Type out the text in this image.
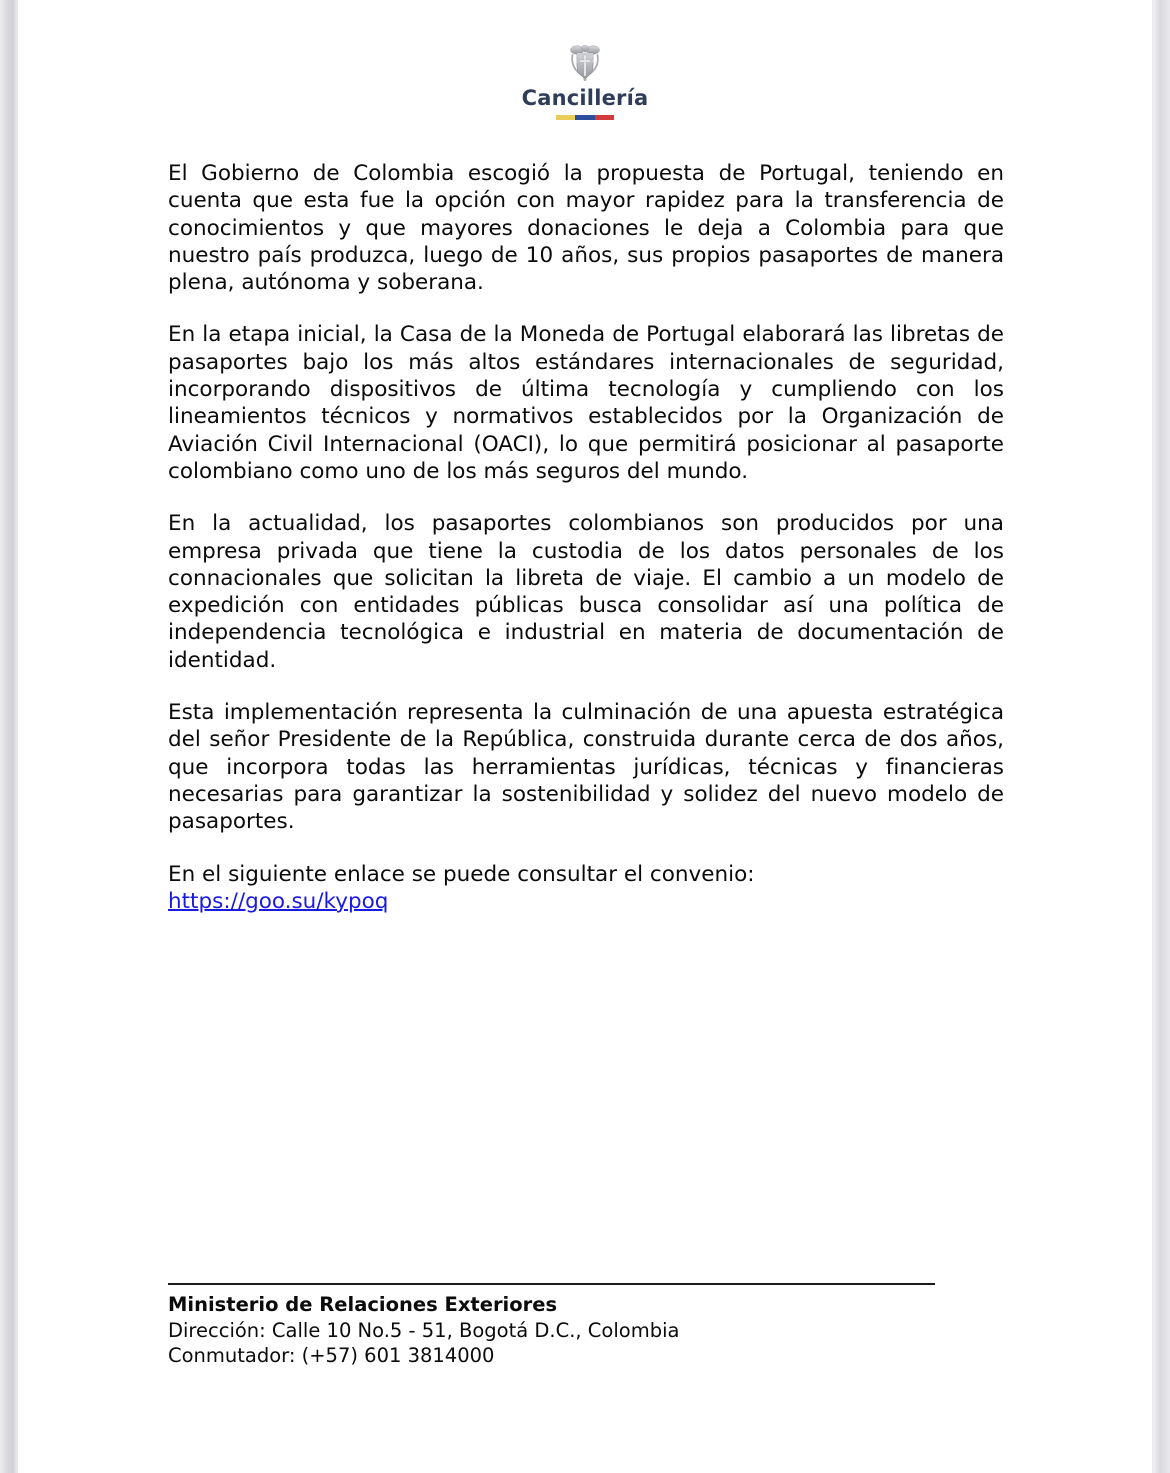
Cancillería

El Gobierno de Colombia escogió la propuesta de Portugal, teniendo en cuenta que esta fue la opción con mayor rapidez para la transferencia de conocimientos y que mayores donaciones le deja a Colombia para que nuestro país produzca, luego de 10 años, sus propios pasaportes de manera plena, autónoma y soberana.

En la etapa inicial, la Casa de la Moneda de Portugal elaborará las libretas de pasaportes bajo los más altos estándares internacionales de seguridad, incorporando dispositivos de última tecnología y cumpliendo con los lineamientos técnicos y normativos establecidos por la Organización de Aviación Civil Internacional (OACI), lo que permitirá posicionar al pasaporte colombiano como uno de los más seguros del mundo.

En la actualidad, los pasaportes colombianos son producidos por una empresa privada que tiene la custodia de los datos personales de los connacionales que solicitan la libreta de viaje. El cambio a un modelo de expedición con entidades públicas busca consolidar así una política de independencia tecnológica e industrial en materia de documentación de identidad.

Esta implementación representa la culminación de una apuesta estratégica del señor Presidente de la República, construida durante cerca de dos años, que incorpora todas las herramientas jurídicas, técnicas y financieras necesarias para garantizar la sostenibilidad y solidez del nuevo modelo de pasaportes.

En el siguiente enlace se puede consultar el convenio:

https://goo.su/kypoq
Ministerio de Relaciones Exteriores
Dirección: Calle 10 No.5 - 51, Bogotá D.C., Colombia
Conmutador: (+57) 601 3814000
